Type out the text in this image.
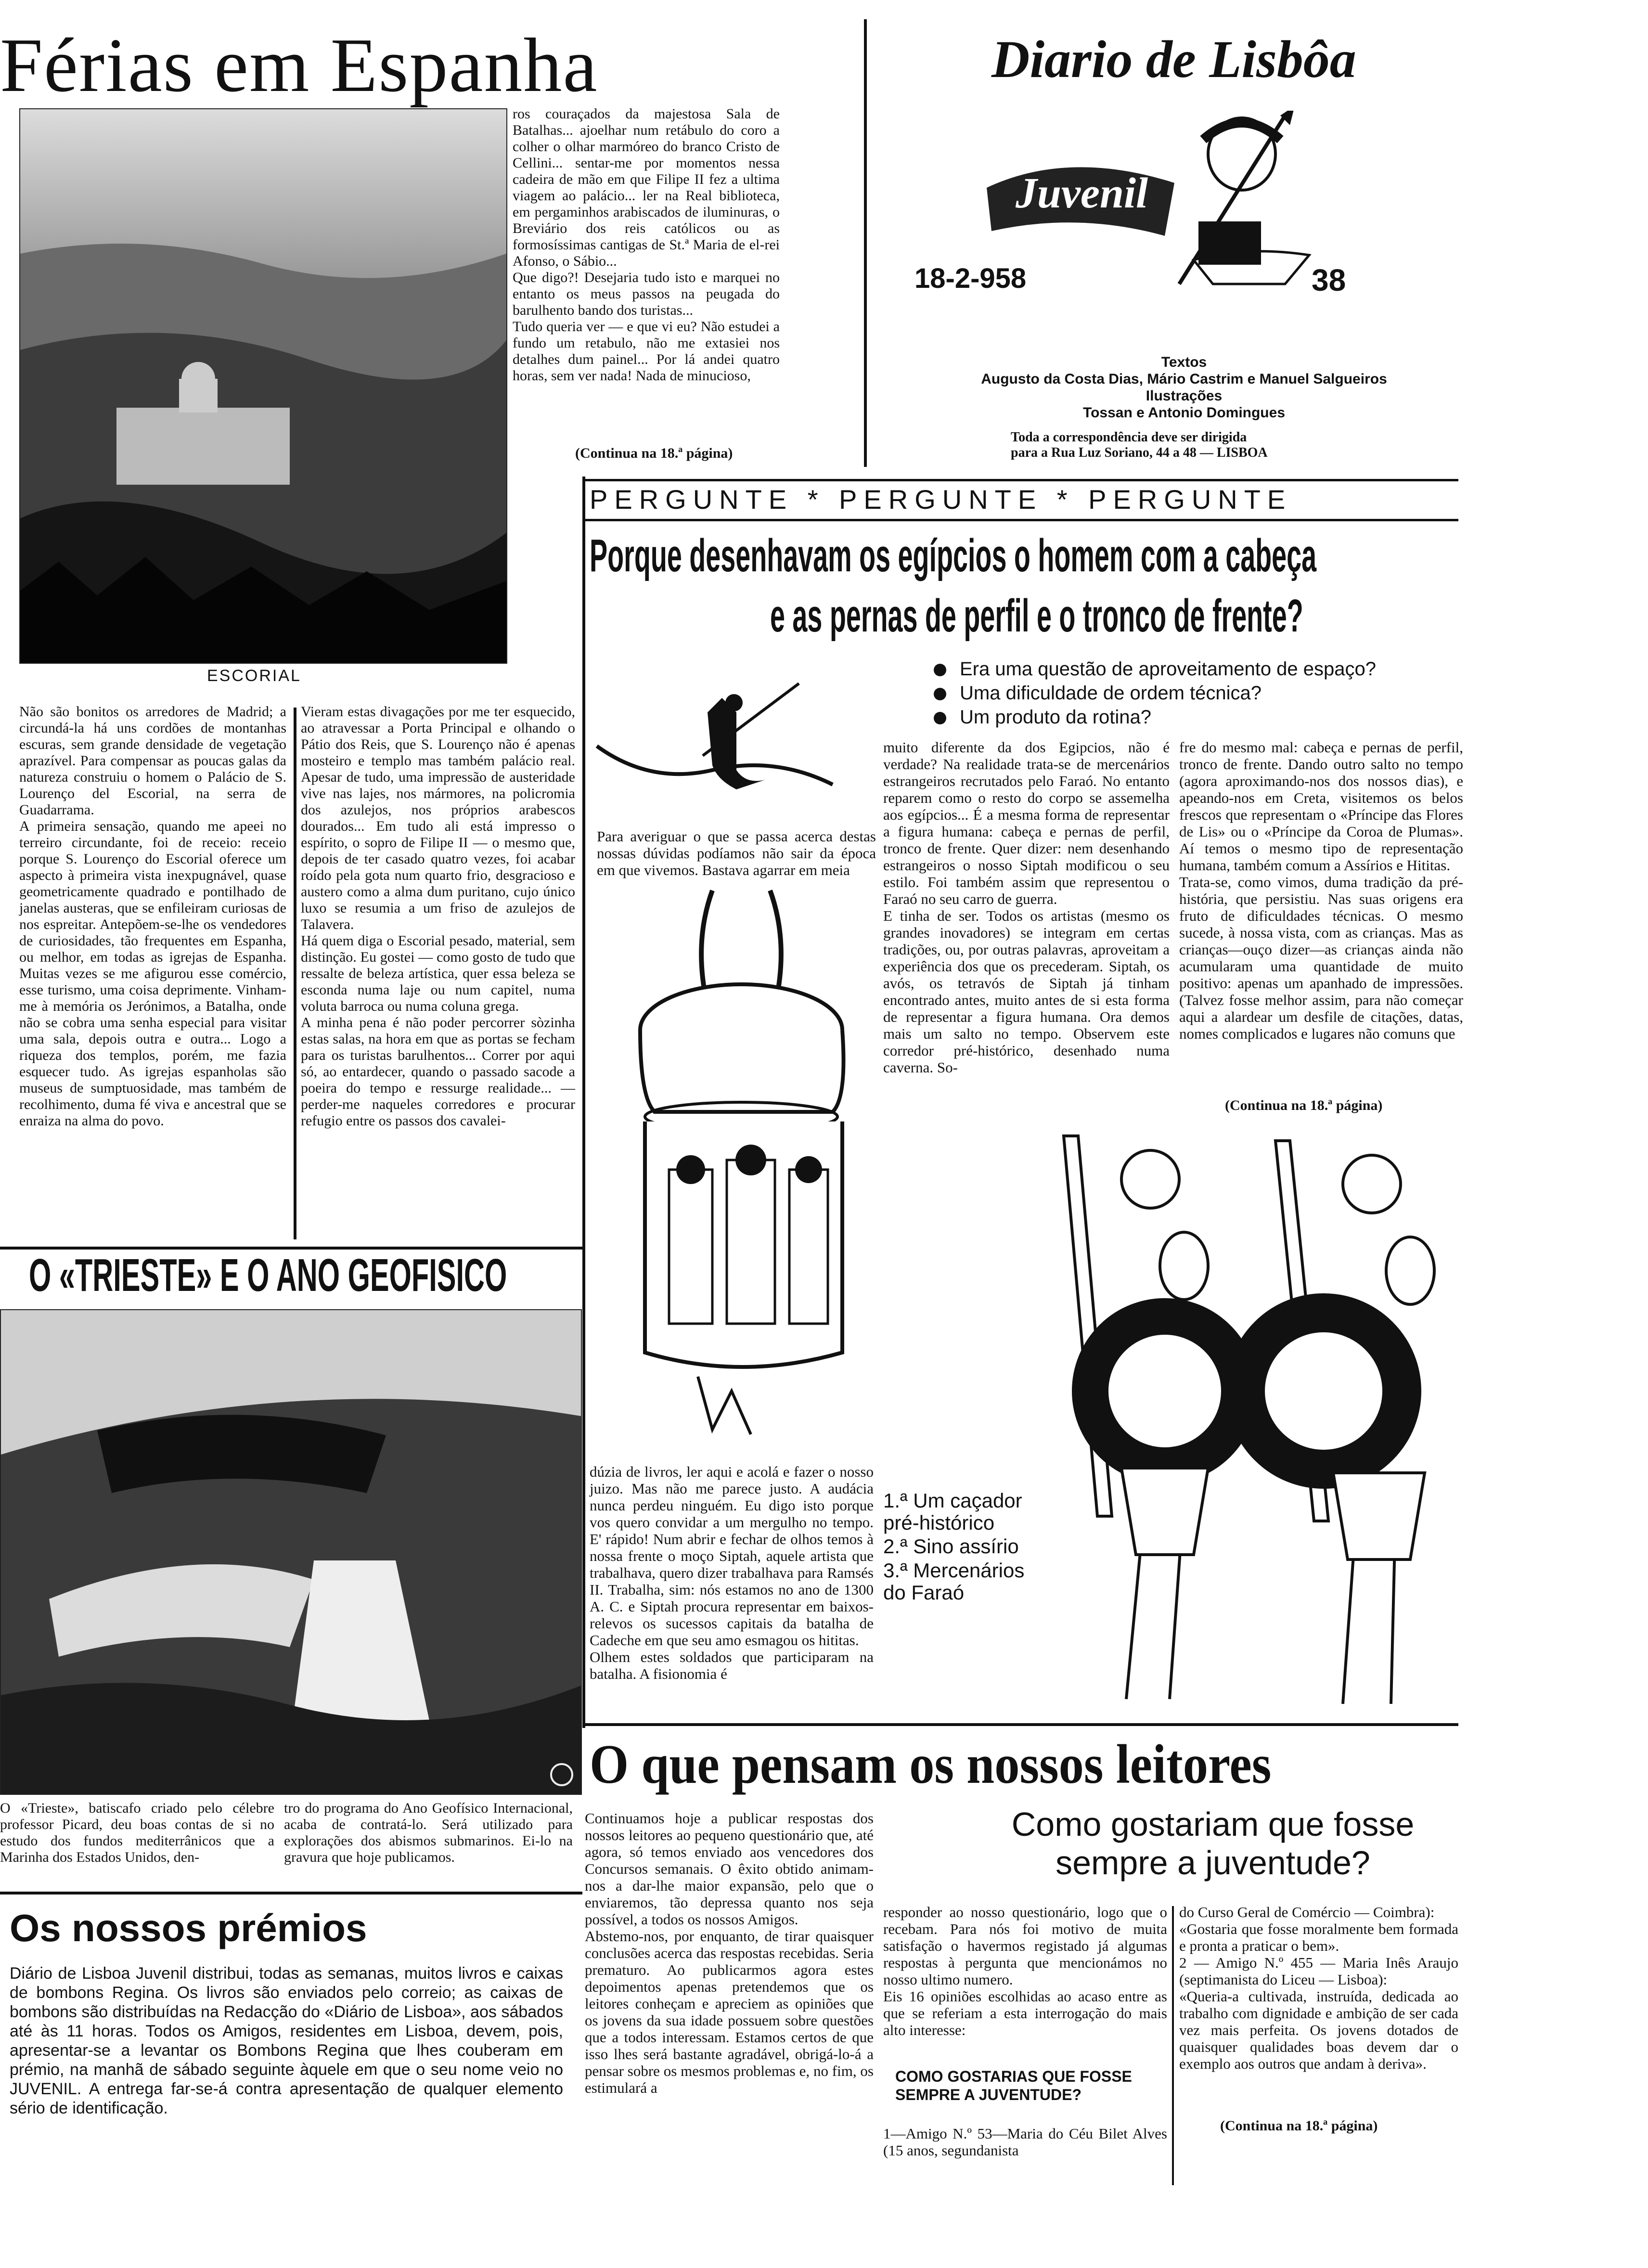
Férias em Espanha
ESCORIAL
ros couraçados da majestosa Sala de Batalhas... ajoelhar num retábulo do coro a colher o olhar marmóreo do branco Cristo de Cellini... sentar-me por momentos nessa cadeira de mão em que Filipe II fez a ultima viagem ao palácio... ler na Real biblioteca, em pergaminhos arabiscados de iluminuras, o Breviário dos reis católicos ou as formosíssimas cantigas de St.ª Maria de el-rei Afonso, o Sábio...
Que digo?! Desejaria tudo isto e marquei no entanto os meus passos na peugada do barulhento bando dos turistas...
Tudo queria ver — e que vi eu? Não estudei a fundo um retabulo, não me extasiei nos detalhes dum painel... Por lá andei quatro horas, sem ver nada! Nada de minucioso,
(Continua na 18.ª página)
Não são bonitos os arredores de Madrid; a circundá-la há uns cordões de montanhas escuras, sem grande densidade de vegetação aprazível. Para compensar as poucas galas da natureza construiu o homem o Palácio de S. Lourenço del Escorial, na serra de Guadarrama.
A primeira sensação, quando me apeei no terreiro circundante, foi de receio: receio porque S. Lourenço do Escorial oferece um aspecto à primeira vista inexpugnável, quase geometricamente quadrado e pontilhado de janelas austeras, que se enfileiram curiosas de nos espreitar. Antepõem-se-lhe os vendedores de curiosidades, tão frequentes em Espanha, ou melhor, em todas as igrejas de Espanha. Muitas vezes se me afigurou esse comércio, esse turismo, uma coisa deprimente. Vinham-me à memória os Jerónimos, a Batalha, onde não se cobra uma senha especial para visitar uma sala, depois outra e outra... Logo a riqueza dos templos, porém, me fazia esquecer tudo. As igrejas espanholas são museus de sumptuosidade, mas também de recolhimento, duma fé viva e ancestral que se enraiza na alma do povo.
Vieram estas divagações por me ter esquecido, ao atravessar a Porta Principal e olhando o Pátio dos Reis, que S. Lourenço não é apenas mosteiro e templo mas também palácio real. Apesar de tudo, uma impressão de austeridade vive nas lajes, nos mármores, na policromia dos azulejos, nos próprios arabescos dourados... Em tudo ali está impresso o espírito, o sopro de Filipe II — o mesmo que, depois de ter casado quatro vezes, foi acabar roído pela gota num quarto frio, desgracioso e austero como a alma dum puritano, cujo único luxo se resumia a um friso de azulejos de Talavera.
Há quem diga o Escorial pesado, material, sem distinção. Eu gostei — como gosto de tudo que ressalte de beleza artística, quer essa beleza se esconda numa laje ou num capitel, numa voluta barroca ou numa coluna grega.
A minha pena é não poder percorrer sòzinha estas salas, na hora em que as portas se fecham para os turistas barulhentos... Correr por aqui só, ao entardecer, quando o passado sacode a poeira do tempo e ressurge realidade... — perder-me naqueles corredores e procurar refugio entre os passos dos cavalei-
Diario de Lisbôa
Juvenil
18-2-958	38
Textos
Augusto da Costa Dias, Mário Castrim e Manuel Salgueiros
Ilustrações
Tossan e Antonio Domingues
Toda a correspondência deve ser dirigida
para a Rua Luz Soriano, 44 a 48 — LISBOA
PERGUNTE * PERGUNTE * PERGUNTE
Porque desenhavam os egípcios o homem com a cabeça
e as pernas de perfil e o tronco de frente?
Era uma questão de aproveitamento de espaço?
Uma dificuldade de ordem técnica?
Um produto da rotina?
Para averiguar o que se passa acerca destas nossas dúvidas podíamos não sair da época em que vivemos. Bastava agarrar em meia
muito diferente da dos Egipcios, não é verdade? Na realidade trata-se de mercenários estrangeiros recrutados pelo Faraó. No entanto reparem como o resto do corpo se assemelha aos egípcios... É a mesma forma de representar a figura humana: cabeça e pernas de perfil, tronco de frente. Quer dizer: nem desenhando estrangeiros o nosso Siptah modificou o seu estilo. Foi também assim que representou o Faraó no seu carro de guerra.
E tinha de ser. Todos os artistas (mesmo os grandes inovadores) se integram em certas tradições, ou, por outras palavras, aproveitam a experiência dos que os precederam. Siptah, os avós, os tetravós de Siptah já tinham encontrado antes, muito antes de si esta forma de representar a figura humana. Ora demos mais um salto no tempo. Observem este corredor pré-histórico, desenhado numa caverna. So-
fre do mesmo mal: cabeça e pernas de perfil, tronco de frente. Dando outro salto no tempo (agora aproximando-nos dos nossos dias), e apeando-nos em Creta, visitemos os belos frescos que representam o «Príncipe das Flores de Lis» ou o «Príncipe da Coroa de Plumas». Aí temos o mesmo tipo de representação humana, também comum a Assírios e Hititas.
Trata-se, como vimos, duma tradição da pré-história, que persistiu. Nas suas origens era fruto de dificuldades técnicas. O mesmo sucede, à nossa vista, com as crianças. Mas as crianças—ouço dizer—as crianças ainda não acumularam uma quantidade de muito positivo: apenas um apanhado de impressões. (Talvez fosse melhor assim, para não começar aqui a alardear um desfile de citações, datas, nomes complicados e lugares não comuns que
(Continua na 18.ª página)
1.ª Um caçador pré-histórico
2.ª Sino assírio
3.ª Mercenários do Faraó
dúzia de livros, ler aqui e acolá e fazer o nosso juizo. Mas não me parece justo. A audácia nunca perdeu ninguém. Eu digo isto porque vos quero convidar a um mergulho no tempo. E' rápido! Num abrir e fechar de olhos temos à nossa frente o moço Siptah, aquele artista que trabalhava, quero dizer trabalhava para Ramsés II. Trabalha, sim: nós estamos no ano de 1300 A. C. e Siptah procura representar em baixos-relevos os sucessos capitais da batalha de Cadeche em que seu amo esmagou os hititas.
Olhem estes soldados que participaram na batalha. A fisionomia é
O «TRIESTE» E O ANO GEOFISICO
O «Trieste», batiscafo criado pelo célebre professor Picard, deu boas contas de si no estudo dos fundos mediterrânicos que a Marinha dos Estados Unidos, den-
tro do programa do Ano Geofísico Internacional, acaba de contratá-lo. Será utilizado para explorações dos abismos submarinos. Ei-lo na gravura que hoje publicamos.
Os nossos prémios
Diário de Lisboa Juvenil distribui, todas as semanas, muitos livros e caixas de bombons Regina. Os livros são enviados pelo correio; as caixas de bombons são distribuídas na Redacção do «Diário de Lisboa», aos sábados até às 11 horas. Todos os Amigos, residentes em Lisboa, devem, pois, apresentar-se a levantar os Bombons Regina que lhes couberam em prémio, na manhã de sábado seguinte àquele em que o seu nome veio no JUVENIL. A entrega far-se-á contra apresentação de qualquer elemento sério de identificação.
O que pensam os nossos leitores
Continuamos hoje a publicar respostas dos nossos leitores ao pequeno questionário que, até agora, só temos enviado aos vencedores dos Concursos semanais. O êxito obtido animam-nos a dar-lhe maior expansão, pelo que o enviaremos, tão depressa quanto nos seja possível, a todos os nossos Amigos.
Abstemo-nos, por enquanto, de tirar quaisquer conclusões acerca das respostas recebidas. Seria prematuro. Ao publicarmos agora estes depoimentos apenas pretendemos que os leitores conheçam e apreciem as opiniões que os jovens da sua idade possuem sobre questões que a todos interessam. Estamos certos de que isso lhes será bastante agradável, obrigá-lo-á a pensar sobre os mesmos problemas e, no fim, os estimulará a
Como gostariam que fosse
sempre a juventude?
responder ao nosso questionário, logo que o recebam. Para nós foi motivo de muita satisfação o havermos registado já algumas respostas à pergunta que mencionámos no nosso ultimo numero.
Eis 16 opiniões escolhidas ao acaso entre as que se referiam a esta interrogação do mais alto interesse:
COMO GOSTARIAS QUE FOSSE SEMPRE A JUVENTUDE?
1—Amigo N.º 53—Maria do Céu Bilet Alves (15 anos, segundanista
do Curso Geral de Comércio — Coimbra):
«Gostaria que fosse moralmente bem formada e pronta a praticar o bem».
2 — Amigo N.º 455 — Maria Inês Araujo (septimanista do Liceu — Lisboa):
«Queria-a cultivada, instruída, dedicada ao trabalho com dignidade e ambição de ser cada vez mais perfeita. Os jovens dotados de quaisquer qualidades boas devem dar o exemplo aos outros que andam à deriva».
(Continua na 18.ª página)
